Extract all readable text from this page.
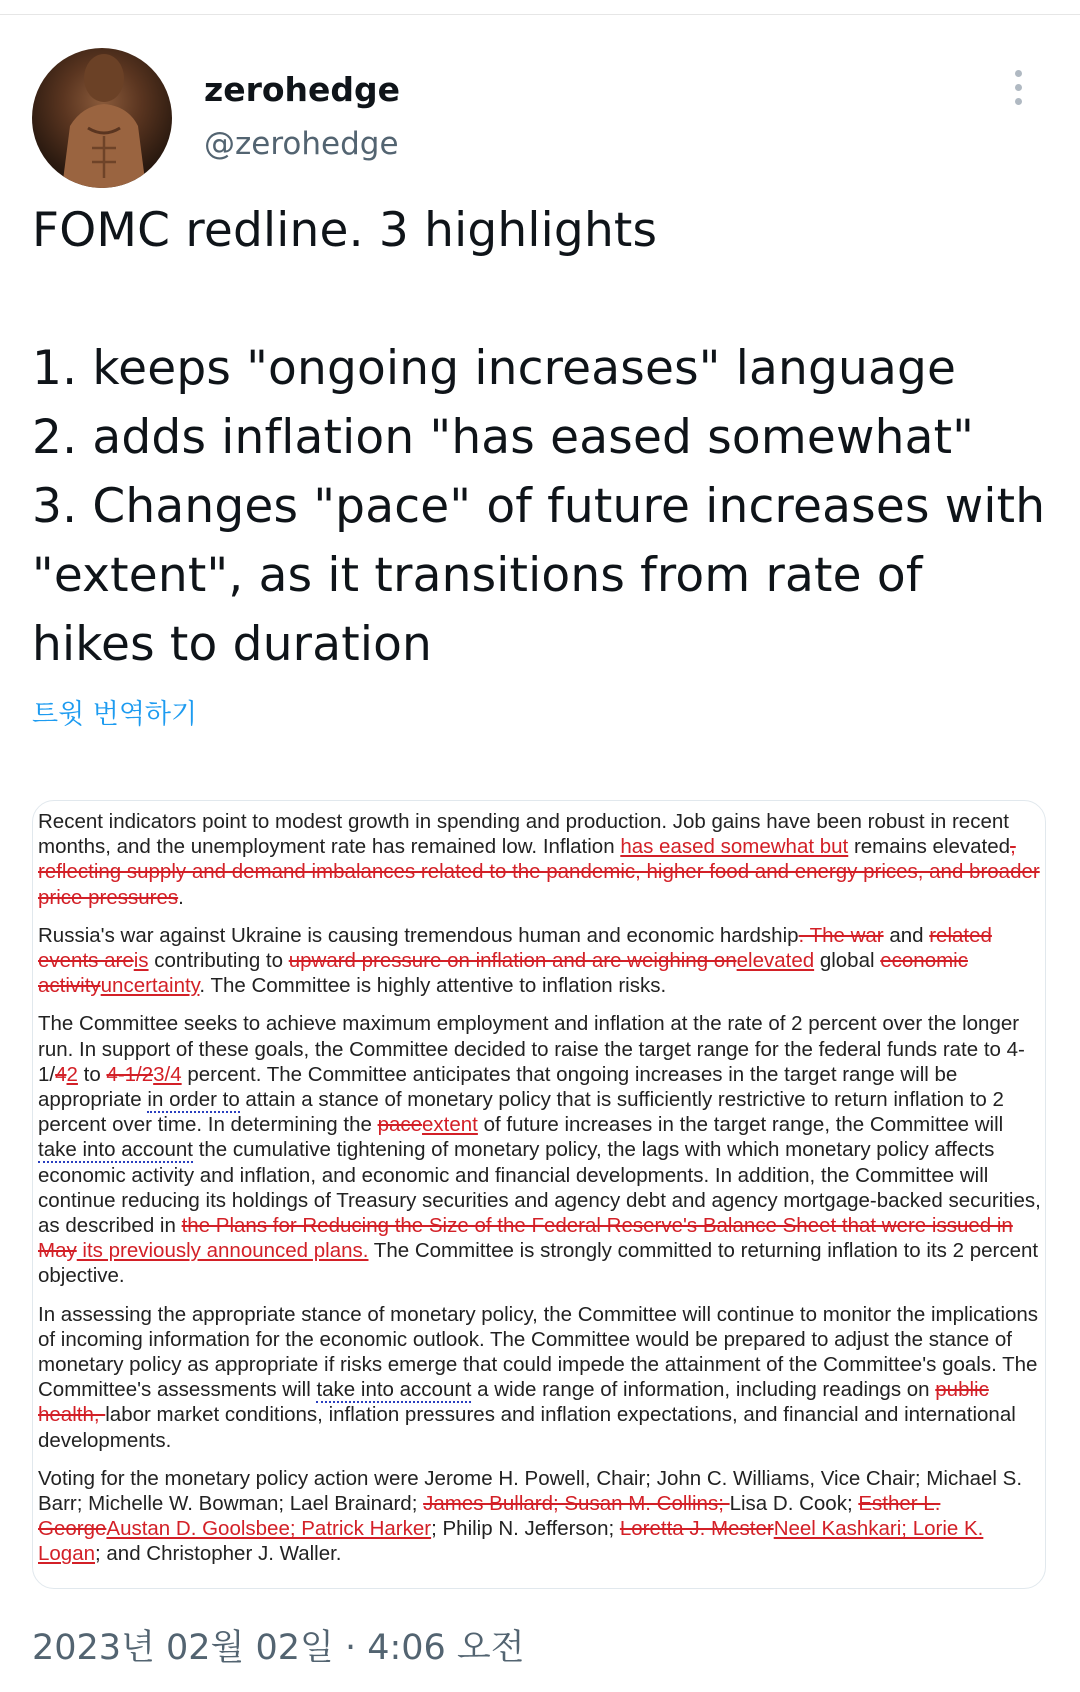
zerohedge
@zerohedge
FOMC redline. 3 highlights

1. keeps "ongoing increases" language
2. adds inflation "has eased somewhat"
3. Changes "pace" of future increases with "extent", as it transitions from rate of hikes to duration
트윗 번역하기

Recent indicators point to modest growth in spending and production. Job gains have been robust in recent months, and the unemployment rate has remained low. Inflation has eased somewhat but remains elevated, reflecting supply and demand imbalances related to the pandemic, higher food and energy prices, and broader price pressures.

Russia's war against Ukraine is causing tremendous human and economic hardship. The war and related events areis contributing to upward pressure on inflation and are weighing onelevated global economic activityuncertainty. The Committee is highly attentive to inflation risks.

The Committee seeks to achieve maximum employment and inflation at the rate of 2 percent over the longer run. In support of these goals, the Committee decided to raise the target range for the federal funds rate to 4-1/42 to 4-1/23/4 percent. The Committee anticipates that ongoing increases in the target range will be appropriate in order to attain a stance of monetary policy that is sufficiently restrictive to return inflation to 2 percent over time. In determining the paceextent of future increases in the target range, the Committee will take into account the cumulative tightening of monetary policy, the lags with which monetary policy affects economic activity and inflation, and economic and financial developments. In addition, the Committee will continue reducing its holdings of Treasury securities and agency debt and agency mortgage-backed securities, as described in the Plans for Reducing the Size of the Federal Reserve's Balance Sheet that were issued in May its previously announced plans. The Committee is strongly committed to returning inflation to its 2 percent objective.

In assessing the appropriate stance of monetary policy, the Committee will continue to monitor the implications of incoming information for the economic outlook. The Committee would be prepared to adjust the stance of monetary policy as appropriate if risks emerge that could impede the attainment of the Committee's goals. The Committee's assessments will take into account a wide range of information, including readings on public health, labor market conditions, inflation pressures and inflation expectations, and financial and international developments.

Voting for the monetary policy action were Jerome H. Powell, Chair; John C. Williams, Vice Chair; Michael S. Barr; Michelle W. Bowman; Lael Brainard; James Bullard; Susan M. Collins; Lisa D. Cook; Esther L. GeorgeAustan D. Goolsbee; Patrick Harker; Philip N. Jefferson; Loretta J. MesterNeel Kashkari; Lorie K. Logan; and Christopher J. Waller.

2023년 02월 02일 · 4:06 오전
